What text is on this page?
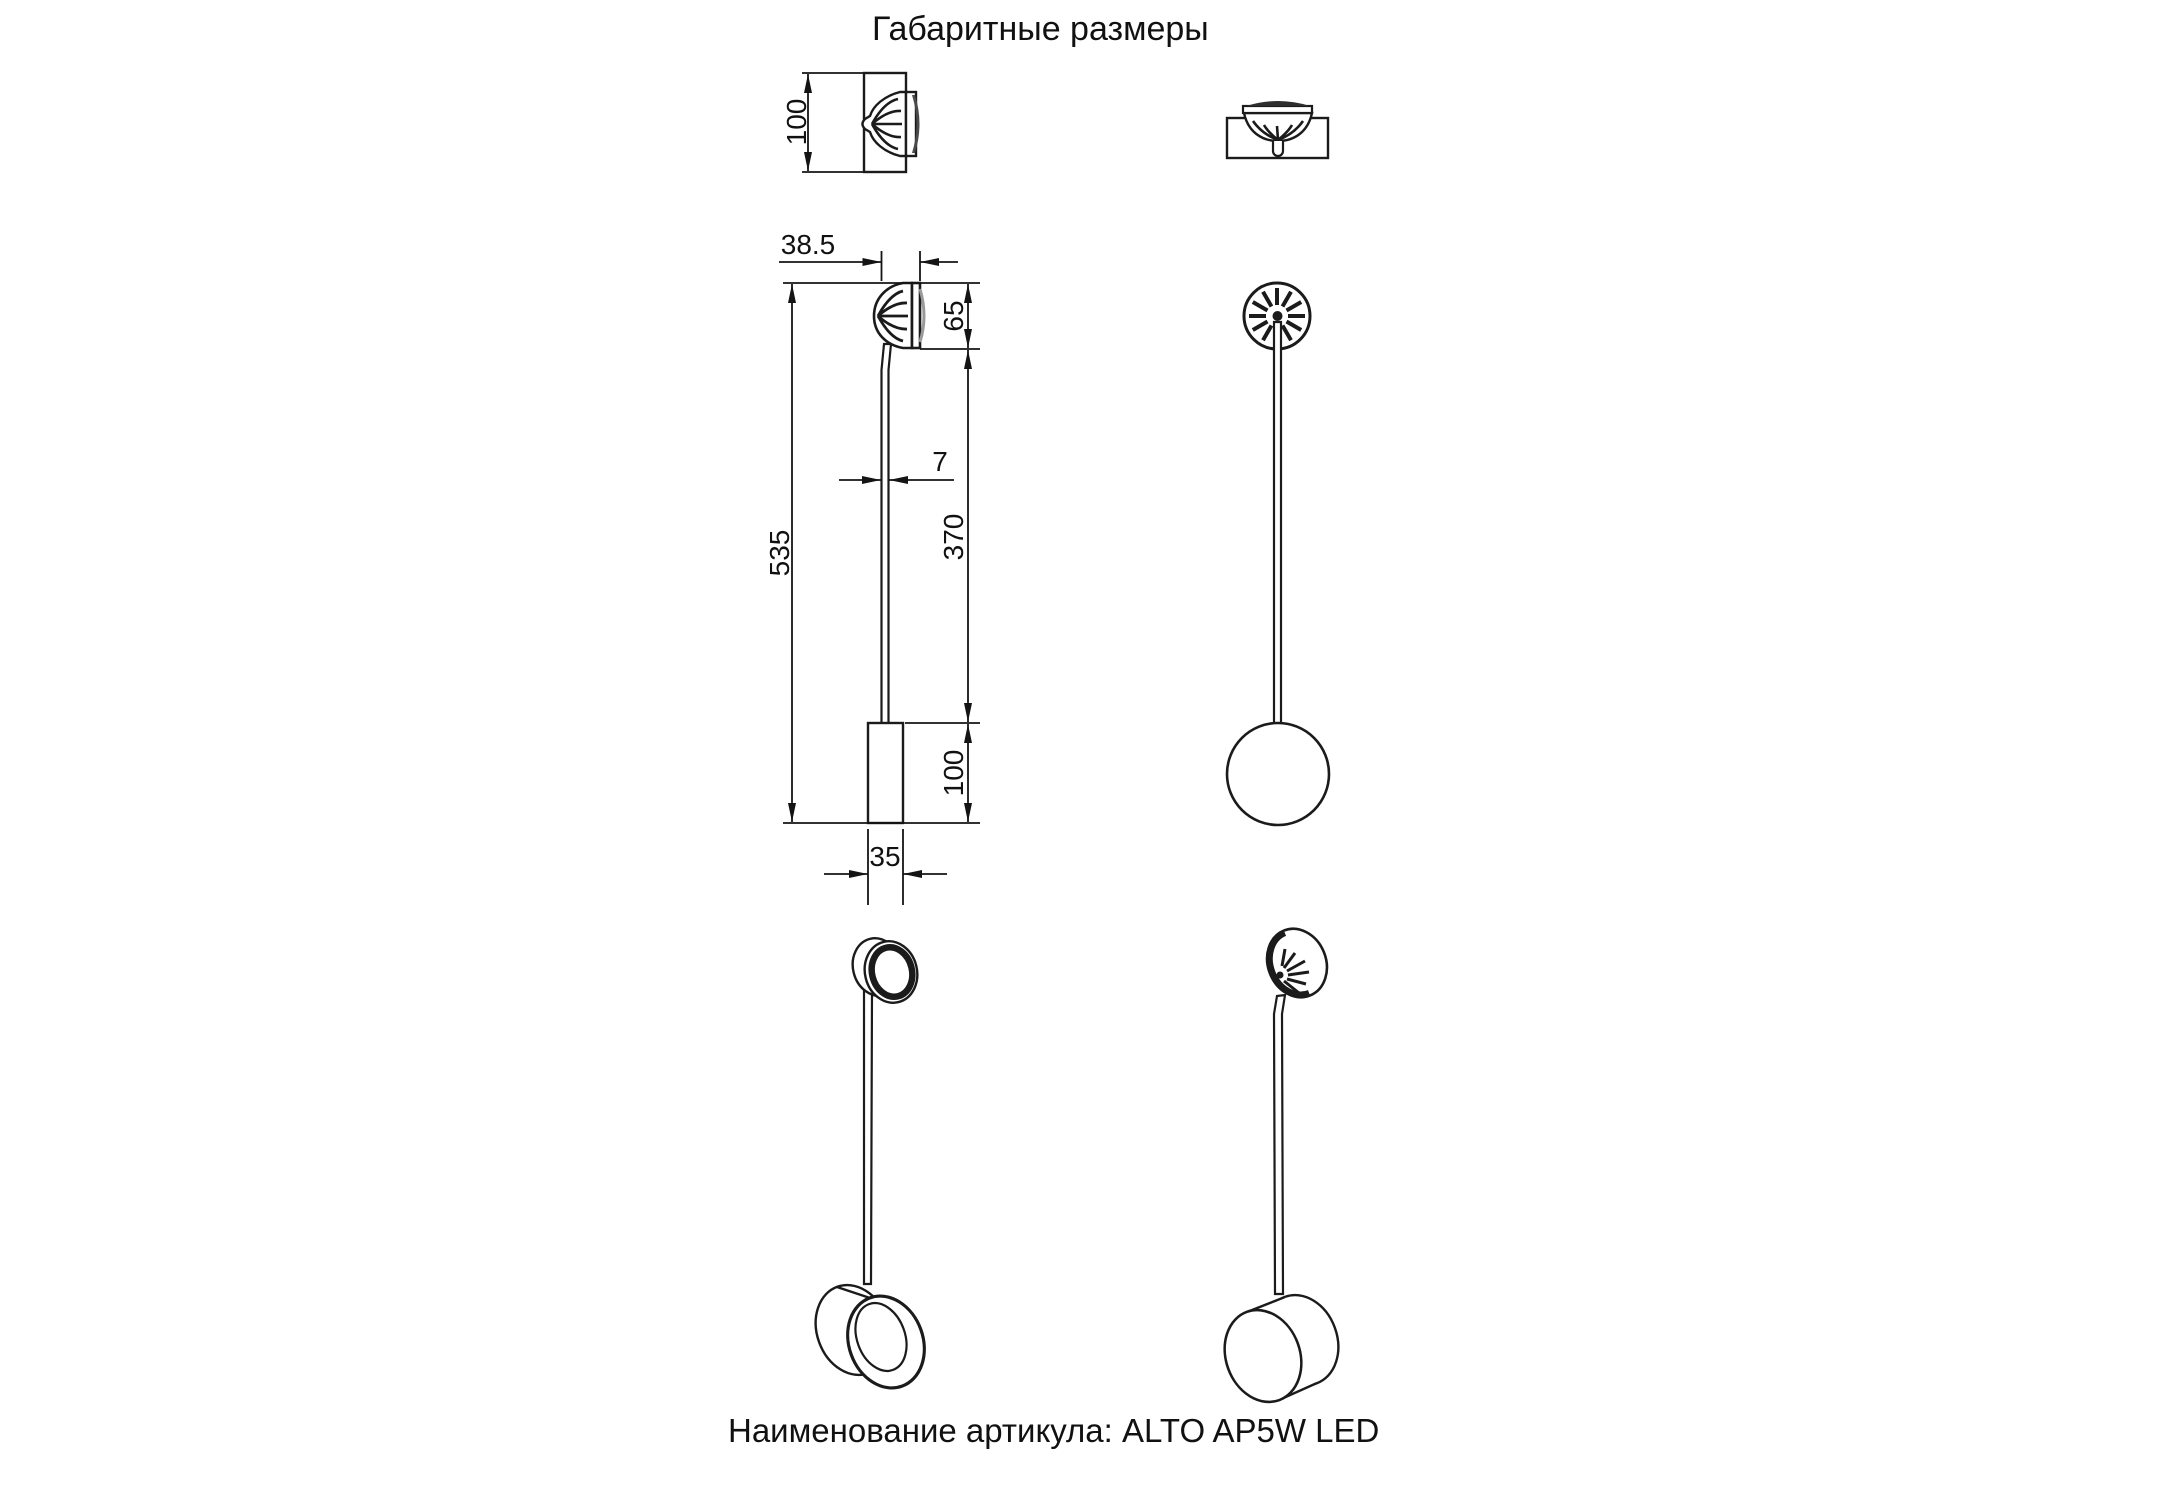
Габаритные размеры
100
38.5
535
65
370
7
100
35
Наименование артикула: ALTO AP5W LED
